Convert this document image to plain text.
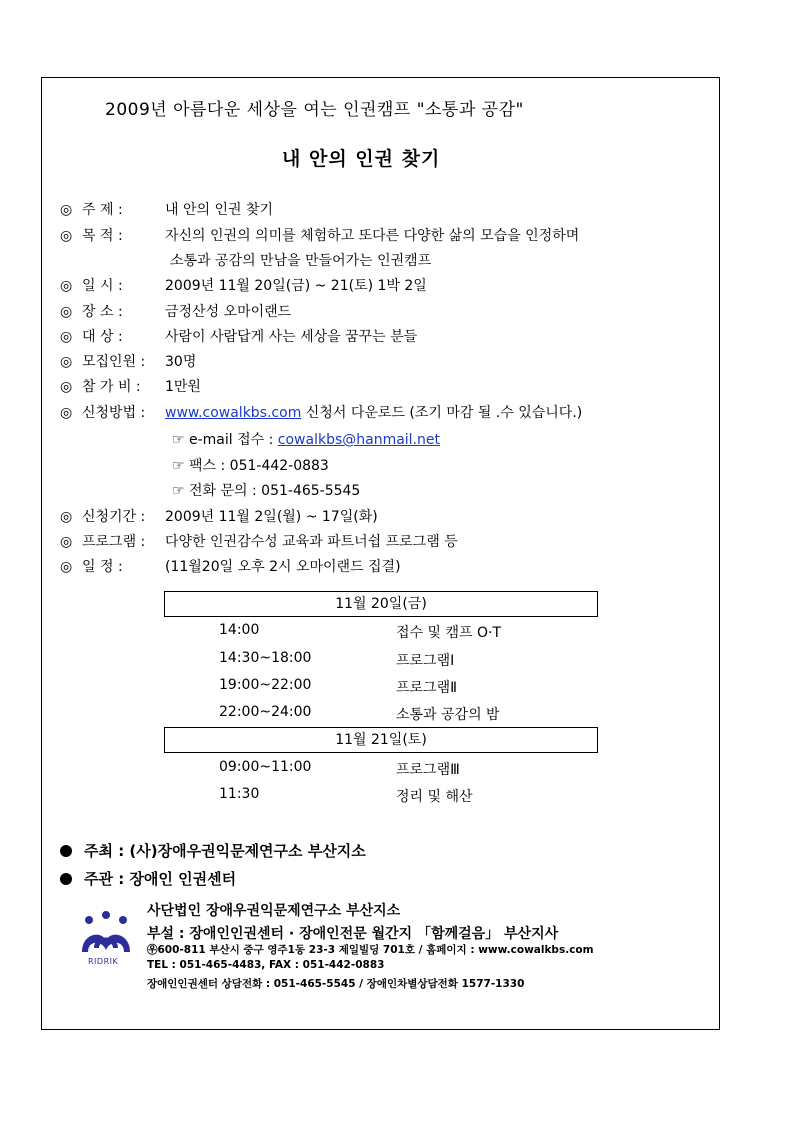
2009년 아름다운 세상을 여는 인권캠프 "소통과 공감"
내 안의 인권 찾기
◎ 주 제 :	내 안의 인권 찾기
◎ 목 적 :	자신의 인권의 의미를 체험하고 또다른 다양한 삶의 모습을 인정하며
소통과 공감의 만남을 만들어가는 인권캠프
◎ 일 시 :	2009년 11월 20일(금) ~ 21(토) 1박 2일
◎ 장 소 :	금정산성 오마이랜드
◎ 대 상 :	사람이 사람답게 사는 세상을 꿈꾸는 분들
◎ 모집인원 : 30명
◎ 참 가 비 : 1만원
◎ 신청방법 : www.cowalkbs.com 신청서 다운로드 (조기 마감 될 .수 있습니다.)
☞ e-mail 접수 : cowalkbs@hanmail.net
☞ 팩스 : 051-442-0883
☞ 전화 문의 : 051-465-5545
◎ 신청기간 : 2009년 11월 2일(월) ~ 17일(화)
◎ 프로그램 : 다양한 인권감수성 교육과 파트너쉽 프로그램 등
◎ 일 정 :	(11월20일 오후 2시 오마이랜드 집결)
11월 20일(금)
14:00	접수 및 캠프 O·T
14:30~18:00	프로그램Ⅰ
19:00~22:00	프로그램Ⅱ
22:00~24:00	소통과 공감의 밤
11월 21일(토)
09:00~11:00	프로그램Ⅲ
11:30	정리 및 해산
주최 : (사)장애우권익문제연구소 부산지소
주관 : 장애인 인권센터
RIDRIK
사단법인 장애우권익문제연구소 부산지소
부설 : 장애인인권센터 · 장애인전문 월간지 「함께걸음」 부산지사
㉾600-811 부산시 중구 영주1동 23-3 제일빌딩 701호 / 홈페이지 : www.cowalkbs.com
TEL : 051-465-4483, FAX : 051-442-0883
장애인인권센터 상담전화 : 051-465-5545 / 장애인차별상담전화 1577-1330
